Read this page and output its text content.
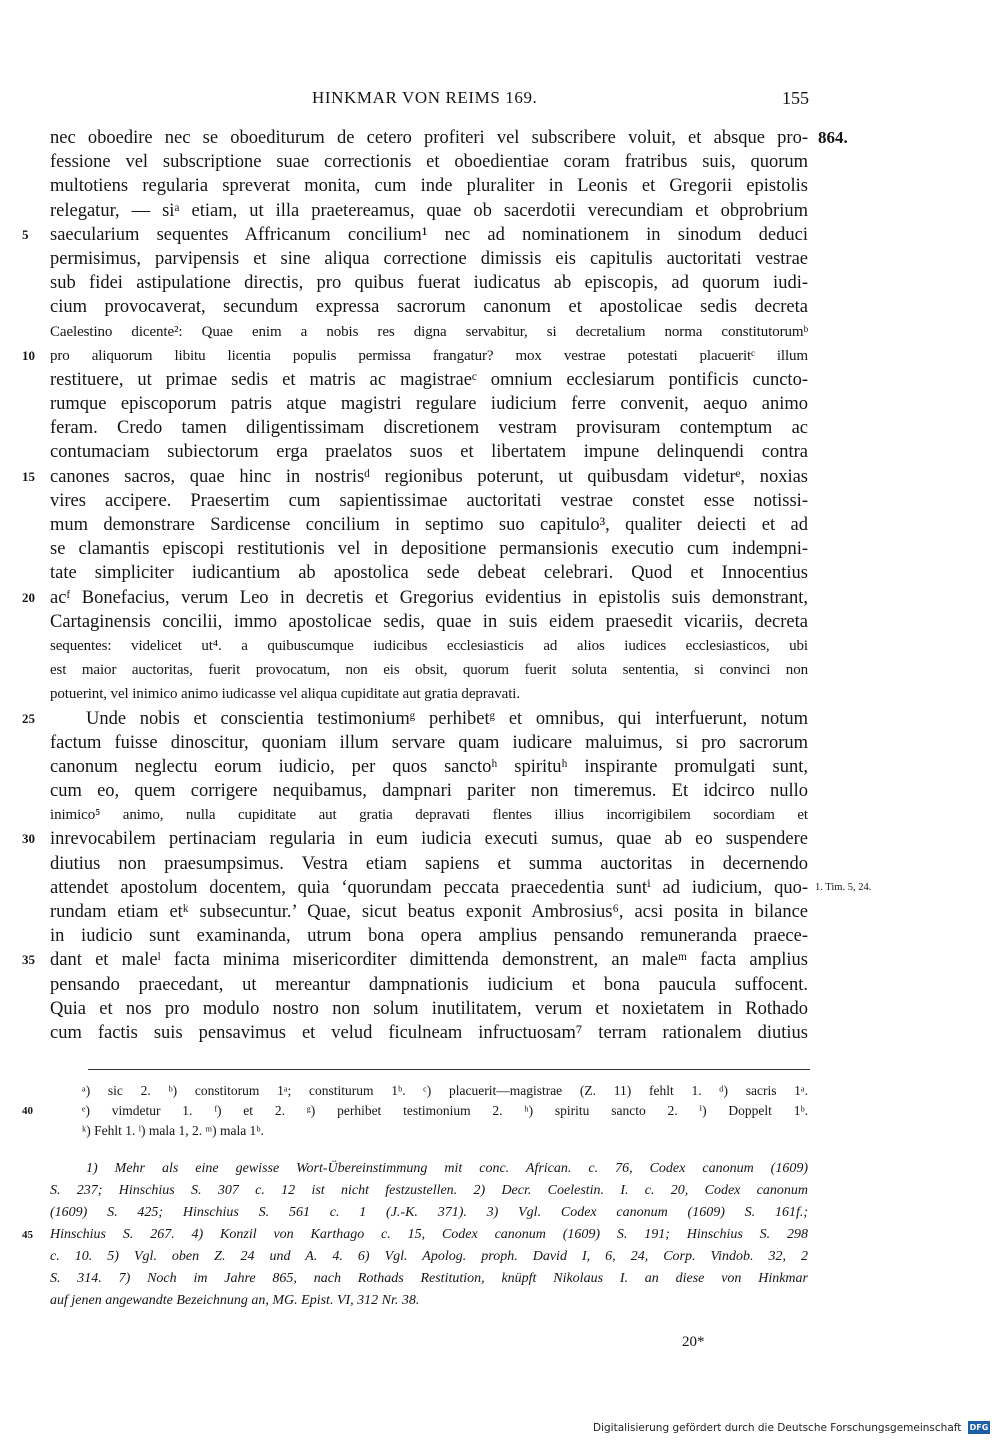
HINKMAR VON REIMS 169.	155
nec oboedire nec se oboediturum de cetero profiteri vel subscribere voluit, et absque pro- 864.
fessione vel subscriptione suae correctionis et oboedientiae coram fratribus suis, quorum
multotiens regularia spreverat monita, cum inde pluraliter in Leonis et Gregorii epistolis
relegatur, — siᵃ etiam, ut illa praetereamus, quae ob sacerdotii verecundiam et obprobrium
5	saecularium sequentes Affricanum concilium¹ nec ad nominationem in sinodum deduci
permisimus, parvipensis et sine aliqua correctione dimissis eis capitulis auctoritati vestrae
sub fidei astipulatione directis, pro quibus fuerat iudicatus ab episcopis, ad quorum iudi-
cium provocaverat, secundum expressa sacrorum canonum et apostolicae sedis decreta
Caelestino dicente²: Quae enim a nobis res digna servabitur, si decretalium norma constitutorumᵇ
10	pro aliquorum libitu licentia populis permissa frangatur? mox vestrae potestati placueritᶜ illum
restituere, ut primae sedis et matris ac magistraeᶜ omnium ecclesiarum pontificis cuncto-
rumque episcoporum patris atque magistri regulare iudicium ferre convenit, aequo animo
feram. Credo tamen diligentissimam discretionem vestram provisuram contemptum ac
contumaciam subiectorum erga praelatos suos et libertatem impune delinquendi contra
15 canones sacros, quae hinc in nostrisᵈ regionibus poterunt, ut quibusdam videturᵉ, noxias
vires accipere. Praesertim cum sapientissimae auctoritati vestrae constet esse notissi-
mum demonstrare Sardicense concilium in septimo suo capitulo³, qualiter deiecti et ad
se clamantis episcopi restitutionis vel in depositione permansionis executio cum indempni-
tate simpliciter iudicantium ab apostolica sede debeat celebrari. Quod et Innocentius
20 acᶠ Bonefacius, verum Leo in decretis et Gregorius evidentius in epistolis suis demonstrant,
Cartaginensis concilii, immo apostolicae sedis, quae in suis eidem praesedit vicariis, decreta
sequentes: videlicet ut⁴. a quibuscumque iudicibus ecclesiasticis ad alios iudices ecclesiasticos, ubi
est maior auctoritas, fuerit provocatum, non eis obsit, quorum fuerit soluta sententia, si convinci non
potuerint, vel inimico animo iudicasse vel aliqua cupiditate aut gratia depravati.
25	Unde nobis et conscientia testimoniumᵍ perhibetᵍ et omnibus, qui interfuerunt, notum
factum fuisse dinoscitur, quoniam illum servare quam iudicare maluimus, si pro sacrorum
canonum neglectu eorum iudicio, per quos sanctoʰ spirituʰ inspirante promulgati sunt,
cum eo, quem corrigere nequibamus, dampnari pariter non timeremus. Et idcirco nullo
inimico⁵ animo, nulla cupiditate aut gratia depravati flentes illius incorrigibilem socordiam et
30 inrevocabilem pertinaciam regularia in eum iudicia executi sumus, quae ab eo suspendere
diutius non praesumpsimus. Vestra etiam sapiens et summa auctoritas in decernendo
attendet apostolum docentem, quia ‘quorundam peccata praecedentia suntⁱ ad iudicium, quo- 1. Tim. 5, 24.
rundam etiam etᵏ subsecuntur.’ Quae, sicut beatus exponit Ambrosius⁶, acsi posita in bilance
in iudicio sunt examinanda, utrum bona opera amplius pensando remuneranda praece-
35 dant et maleˡ facta minima misericorditer dimittenda demonstrent, an maleᵐ facta amplius
pensando praecedant, ut mereantur dampnationis iudicium et bona paucula suffocent.
Quia et nos pro modulo nostro non solum inutilitatem, verum et noxietatem in Rothado
cum factis suis pensavimus et velud ficulneam infructuosam⁷ terram rationalem diutius
ᵃ) sic 2. ᵇ) constitorum 1ᵃ; constiturum 1ᵇ. ᶜ) placuerit—magistrae (Z. 11) fehlt 1. ᵈ) sacris 1ᵃ.
40	ᵉ) vimdetur 1. ᶠ) et 2. ᵍ) perhibet testimonium 2. ʰ) spiritu sancto 2. ⁱ) Doppelt 1ᵇ.
ᵏ) Fehlt 1. ˡ) mala 1, 2. ᵐ) mala 1ᵇ.
1) Mehr als eine gewisse Wort-Übereinstimmung mit conc. African. c. 76, Codex canonum (1609)
S. 237; Hinschius S. 307 c. 12 ist nicht festzustellen. 2) Decr. Coelestin. I. c. 20, Codex canonum
(1609) S. 425; Hinschius S. 561 c. 1 (J.-K. 371). 3) Vgl. Codex canonum (1609) S. 161f.;
45	Hinschius S. 267. 4) Konzil von Karthago c. 15, Codex canonum (1609) S. 191; Hinschius S. 298
c. 10. 5) Vgl. oben Z. 24 und A. 4. 6) Vgl. Apolog. proph. David I, 6, 24, Corp. Vindob. 32, 2
S. 314. 7) Noch im Jahre 865, nach Rothads Restitution, knüpft Nikolaus I. an diese von Hinkmar
auf jenen angewandte Bezeichnung an, MG. Epist. VI, 312 Nr. 38.
20*
Digitalisierung gefördert durch die Deutsche Forschungsgemeinschaft DFG
